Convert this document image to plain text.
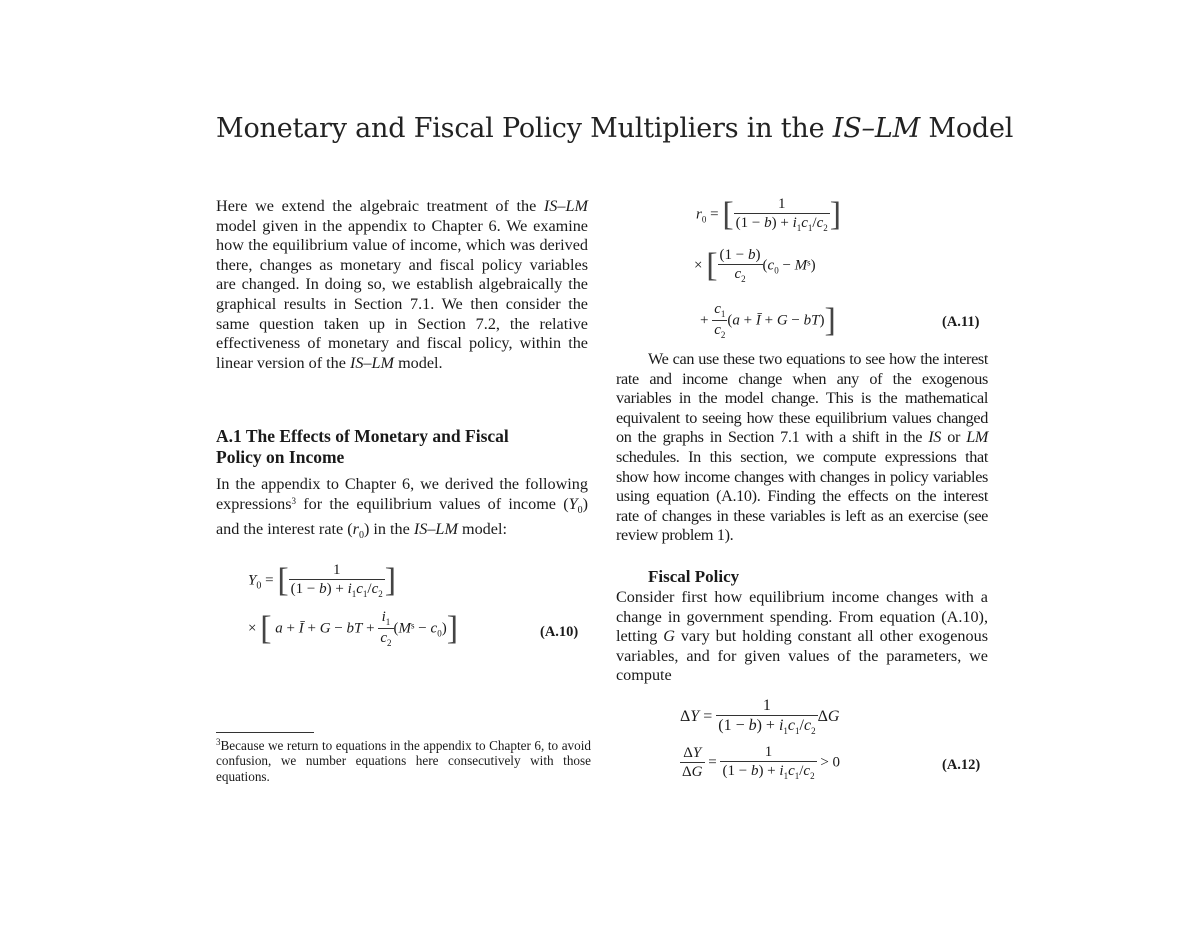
Monetary and Fiscal Policy Multipliers in the IS–LM Model

Here we extend the algebraic treatment of the IS–LM model given in the appendix to Chapter 6. We examine how the equilibrium value of income, which was derived there, changes as monetary and fiscal policy variables are changed. In doing so, we establish algebraically the graphical results in Section 7.1. We then consider the same question taken up in Section 7.2, the relative effectiveness of monetary and fiscal policy, within the linear version of the IS–LM model.

A.1 The Effects of Monetary and Fiscal Policy on Income

In the appendix to Chapter 6, we derived the following expressions$^3$ for the equilibrium values of income $(Y_0)$ and the interest rate $(r_0)$ in the IS–LM model:

$Y_0$ = [ $\frac{1}{(1 - b) + i_1c_1/c_2}$ ]
× [ a + Ī + G − bT + $\frac{i_1}{c_2} (M^s - c_0)$]	(A.10)
$^3$Because we return to equations in the appendix to Chapter 6, to avoid confusion, we number equations here consecutively with those equations.
$r_0$ = [ $\frac{1}{(1 - b) + i_1c_1/c_2}$ ]
× [ $\frac{(1 - b)}{c_2} (c_0 - M^s)$
+ $\frac{c_1}{c_2} (a$ + Ī + G − bT)]	(A.11)

We can use these two equations to see how the interest rate and income change when any of the exogenous variables in the model change. This is the mathematical equivalent to seeing how these equilibrium values changed on the graphs in Section 7.1 with a shift in the IS or LM schedules. In this section, we compute expressions that show how income changes with changes in policy variables using equation (A.10). Finding the effects on the interest rate of changes in these variables is left as an exercise (see review problem 1).

Fiscal Policy

Consider first how equilibrium income changes with a change in government spending. From equation (A.10), letting G vary but holding constant all other exogenous variables, and for given values of the parameters, we compute

$\Delta Y = \frac{1}{(1 - b) + i_1c_1/c_2}$ ΔG
$\frac{\Delta Y}{\Delta G} = \frac{1}{(1 - b) + i_1c_1/c_2} > 0$	(A.12)
